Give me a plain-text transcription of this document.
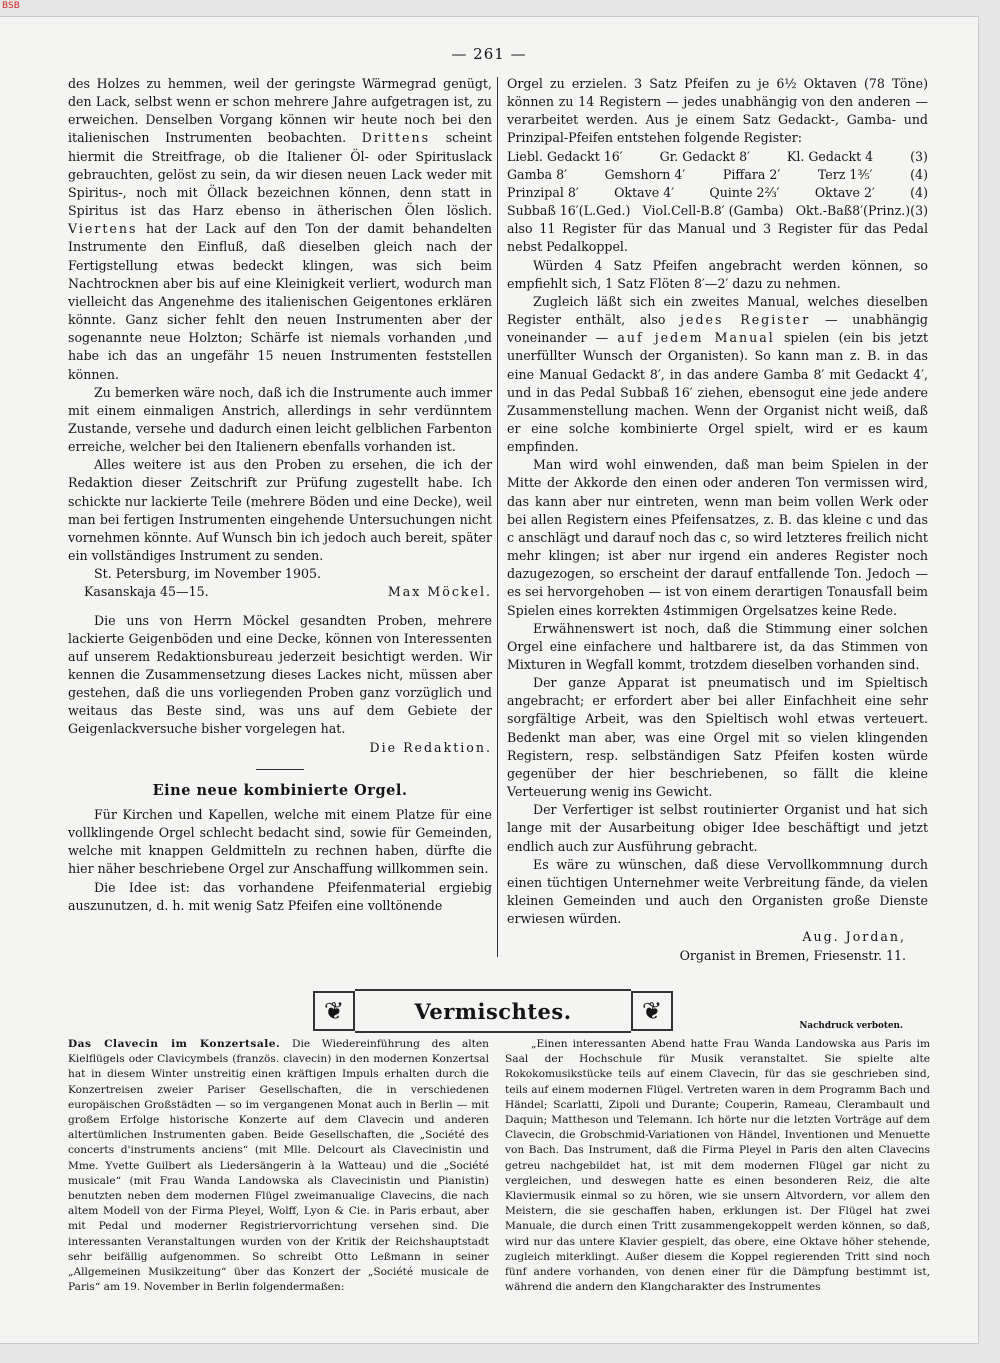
BSB
— 261 —

des Holzes zu hemmen, weil der geringste Wärmegrad genügt, den Lack, selbst wenn er schon mehrere Jahre aufgetragen ist, zu erweichen. Denselben Vorgang können wir heute noch bei den italienischen Instrumenten beobachten. Drittens scheint hiermit die Streitfrage, ob die Italiener Öl- oder Spirituslack gebrauchten, gelöst zu sein, da wir diesen neuen Lack weder mit Spiritus-, noch mit Öllack bezeichnen können, denn statt in Spiritus ist das Harz ebenso in ätherischen Ölen löslich. Viertens hat der Lack auf den Ton der damit behandelten Instrumente den Einfluß, daß dieselben gleich nach der Fertigstellung etwas bedeckt klingen, was sich beim Nachtrocknen aber bis auf eine Kleinigkeit verliert, wodurch man vielleicht das Angenehme des italienischen Geigentones erklären könnte. Ganz sicher fehlt den neuen Instrumenten aber der sogenannte neue Holzton; Schärfe ist niemals vorhanden ,und habe ich das an ungefähr 15 neuen Instrumenten feststellen können.

Zu bemerken wäre noch, daß ich die Instrumente auch immer mit einem einmaligen Anstrich, allerdings in sehr verdünntem Zustande, versehe und dadurch einen leicht gelblichen Farbenton erreiche, welcher bei den Italienern ebenfalls vorhanden ist.

Alles weitere ist aus den Proben zu ersehen, die ich der Redaktion dieser Zeitschrift zur Prüfung zugestellt habe. Ich schickte nur lackierte Teile (mehrere Böden und eine Decke), weil man bei fertigen Instrumenten eingehende Untersuchungen nicht vornehmen könnte. Auf Wunsch bin ich jedoch auch bereit, später ein vollständiges Instrument zu senden.

St. Petersburg, im November 1905.

Kasanskaja 45—15.	Max Möckel.

Die uns von Herrn Möckel gesandten Proben, mehrere lackierte Geigenböden und eine Decke, können von Interessenten auf unserem Redaktionsbureau jederzeit besichtigt werden. Wir kennen die Zusammensetzung dieses Lackes nicht, müssen aber gestehen, daß die uns vorliegenden Proben ganz vorzüglich und weitaus das Beste sind, was uns auf dem Gebiete der Geigenlackversuche bisher vorgelegen hat.

Die Redaktion.

Eine neue kombinierte Orgel.

Für Kirchen und Kapellen, welche mit einem Platze für eine vollklingende Orgel schlecht bedacht sind, sowie für Gemeinden, welche mit knappen Geldmitteln zu rechnen haben, dürfte die hier näher beschriebene Orgel zur Anschaffung willkommen sein.

Die Idee ist: das vorhandene Pfeifenmaterial ergiebig auszunutzen, d. h. mit wenig Satz Pfeifen eine volltönende

Orgel zu erzielen. 3 Satz Pfeifen zu je 6½ Oktaven (78 Töne) können zu 14 Registern — jedes unabhängig von den anderen — verarbeitet werden. Aus je einem Satz Gedackt-, Gamba- und Prinzipal-Pfeifen entstehen folgende Register:

Liebl. Gedackt 16′	Gr. Gedackt 8′	Kl. Gedackt 4	(3)
Gamba 8′	Gemshorn 4′	Piffara 2′	Terz 1³⁄₅′	(4)
Prinzipal 8′	Oktave 4′	Quinte 2²⁄₃′	Oktave 2′	(4)
Subbaß 16′(L.Ged.) Viol.Cell-B.8′ (Gamba) Okt.-Baß8′(Prinz.)(3)

also 11 Register für das Manual und 3 Register für das Pedal nebst Pedalkoppel.

Würden 4 Satz Pfeifen angebracht werden können, so empfiehlt sich, 1 Satz Flöten 8′—2′ dazu zu nehmen.

Zugleich läßt sich ein zweites Manual, welches dieselben Register enthält, also jedes Register — unabhängig voneinander — auf jedem Manual spielen (ein bis jetzt unerfüllter Wunsch der Organisten). So kann man z. B. in das eine Manual Gedackt 8′, in das andere Gamba 8′ mit Gedackt 4′, und in das Pedal Subbaß 16′ ziehen, ebensogut eine jede andere Zusammenstellung machen. Wenn der Organist nicht weiß, daß er eine solche kombinierte Orgel spielt, wird er es kaum empfinden.

Man wird wohl einwenden, daß man beim Spielen in der Mitte der Akkorde den einen oder anderen Ton vermissen wird, das kann aber nur eintreten, wenn man beim vollen Werk oder bei allen Registern eines Pfeifensatzes, z. B. das kleine c und das c anschlägt und darauf noch das c, so wird letzteres freilich nicht mehr klingen; ist aber nur irgend ein anderes Register noch dazugezogen, so erscheint der darauf entfallende Ton. Jedoch — es sei hervorgehoben — ist von einem derartigen Tonausfall beim Spielen eines korrekten 4stimmigen Orgelsatzes keine Rede.

Erwähnenswert ist noch, daß die Stimmung einer solchen Orgel eine einfachere und haltbarere ist, da das Stimmen von Mixturen in Wegfall kommt, trotzdem dieselben vorhanden sind.

Der ganze Apparat ist pneumatisch und im Spieltisch angebracht; er erfordert aber bei aller Einfachheit eine sehr sorgfältige Arbeit, was den Spieltisch wohl etwas verteuert. Bedenkt man aber, was eine Orgel mit so vielen klingenden Registern, resp. selbständigen Satz Pfeifen kosten würde gegenüber der hier beschriebenen, so fällt die kleine Verteuerung wenig ins Gewicht.

Der Verfertiger ist selbst routinierter Organist und hat sich lange mit der Ausarbeitung obiger Idee beschäftigt und jetzt endlich auch zur Ausführung gebracht.

Es wäre zu wünschen, daß diese Vervollkommnung durch einen tüchtigen Unternehmer weite Verbreitung fände, da vielen kleinen Gemeinden und auch den Organisten große Dienste erwiesen würden.

Aug. Jordan,

Organist in Bremen, Friesenstr. 11.

❦	Vermischtes.	❦
Nachdruck verboten.

Das Clavecin im Konzertsale. Die Wiedereinführung des alten Kielflügels oder Clavicymbels (französ. clavecin) in den modernen Konzertsal hat in diesem Winter unstreitig einen kräftigen Impuls erhalten durch die Konzertreisen zweier Pariser Gesellschaften, die in verschiedenen europäischen Großstädten — so im vergangenen Monat auch in Berlin — mit großem Erfolge historische Konzerte auf dem Clavecin und anderen altertümlichen Instrumenten gaben. Beide Gesellschaften, die „Société des concerts d'instruments anciens“ (mit Mlle. Delcourt als Clavecinistin und Mme. Yvette Guilbert als Liedersängerin à la Watteau) und die „Société musicale“ (mit Frau Wanda Landowska als Clavecinistin und Pianistin) benutzten neben dem modernen Flügel zweimanualige Clavecins, die nach altem Modell von der Firma Pleyel, Wolff, Lyon & Cie. in Paris erbaut, aber mit Pedal und moderner Registriervorrichtung versehen sind. Die interessanten Veranstaltungen wurden von der Kritik der Reichshauptstadt sehr beifällig aufgenommen. So schreibt Otto Leßmann in seiner „Allgemeinen Musikzeitung“ über das Konzert der „Société musicale de Paris“ am 19. November in Berlin folgendermaßen:

„Einen interessanten Abend hatte Frau Wanda Landowska aus Paris im Saal der Hochschule für Musik veranstaltet. Sie spielte alte Rokokomusikstücke teils auf einem Clavecin, für das sie geschrieben sind, teils auf einem modernen Flügel. Vertreten waren in dem Programm Bach und Händel; Scarlatti, Zipoli und Durante; Couperin, Rameau, Clerambault und Daquin; Mattheson und Telemann. Ich hörte nur die letzten Vorträge auf dem Clavecin, die Grobschmid-Variationen von Händel, Inventionen und Menuette von Bach. Das Instrument, daß die Firma Pleyel in Paris den alten Clavecins getreu nachgebildet hat, ist mit dem modernen Flügel gar nicht zu vergleichen, und deswegen hatte es einen besonderen Reiz, die alte Klaviermusik einmal so zu hören, wie sie unsern Altvordern, vor allem den Meistern, die sie geschaffen haben, erklungen ist. Der Flügel hat zwei Manuale, die durch einen Tritt zusammengekoppelt werden können, so daß, wird nur das untere Klavier gespielt, das obere, eine Oktave höher stehende, zugleich miterklingt. Außer diesem die Koppel regierenden Tritt sind noch fünf andere vorhanden, von denen einer für die Dämpfung bestimmt ist, während die andern den Klangcharakter des Instrumentes
